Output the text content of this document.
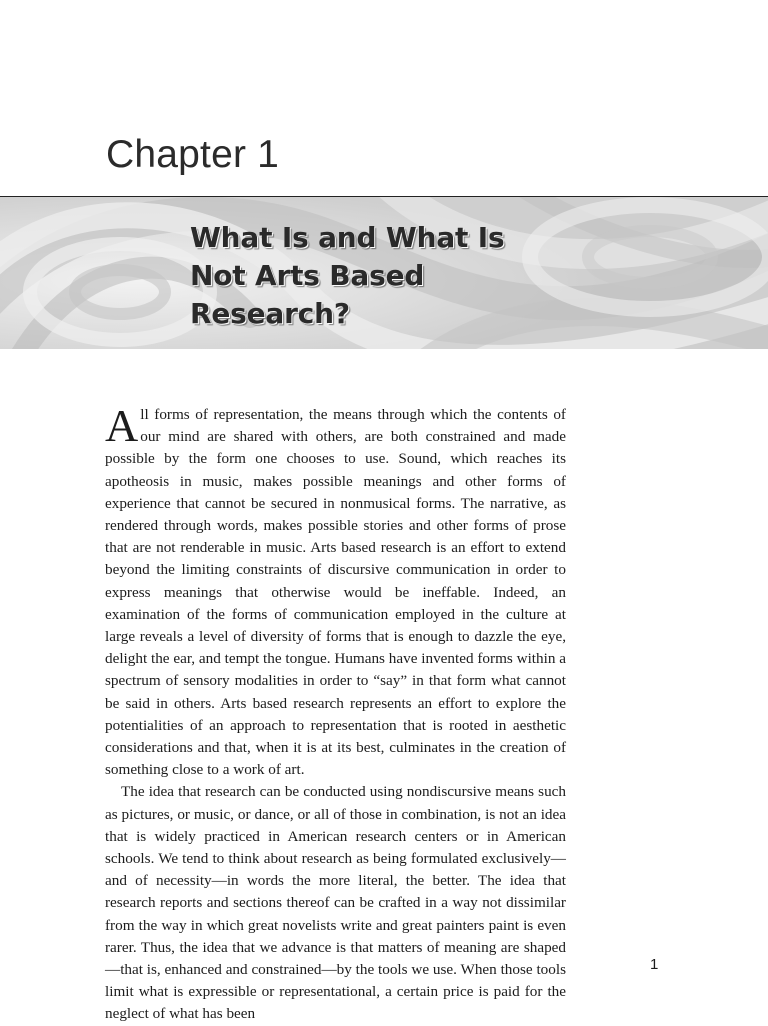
Chapter 1
What Is and What Is
Not Arts Based
Research?

All forms of representation, the means through which the contents of our mind are shared with others, are both constrained and made possible by the form one chooses to use. Sound, which reaches its apotheosis in music, makes possible meanings and other forms of experience that cannot be secured in nonmusical forms. The narrative, as rendered through words, makes possible stories and other forms of prose that are not renderable in music. Arts based research is an effort to extend beyond the limiting constraints of discursive communication in order to express meanings that otherwise would be ineffable. Indeed, an examination of the forms of communication employed in the culture at large reveals a level of diversity of forms that is enough to dazzle the eye, delight the ear, and tempt the tongue. Humans have invented forms within a spectrum of sensory modalities in order to “say” in that form what cannot be said in others. Arts based research represents an effort to explore the potentialities of an approach to representation that is rooted in aesthetic considerations and that, when it is at its best, culminates in the creation of something close to a work of art.

The idea that research can be conducted using nondiscursive means such as pictures, or music, or dance, or all of those in combination, is not an idea that is widely practiced in American research centers or in American schools. We tend to think about research as being formulated exclusively—and of necessity—in words the more literal, the better. The idea that research reports and sections thereof can be crafted in a way not dissimilar from the way in which great novelists write and great painters paint is even rarer. Thus, the idea that we advance is that matters of meaning are shaped—that is, enhanced and constrained—by the tools we use. When those tools limit what is expressible or representational, a certain price is paid for the neglect of what has been

1
